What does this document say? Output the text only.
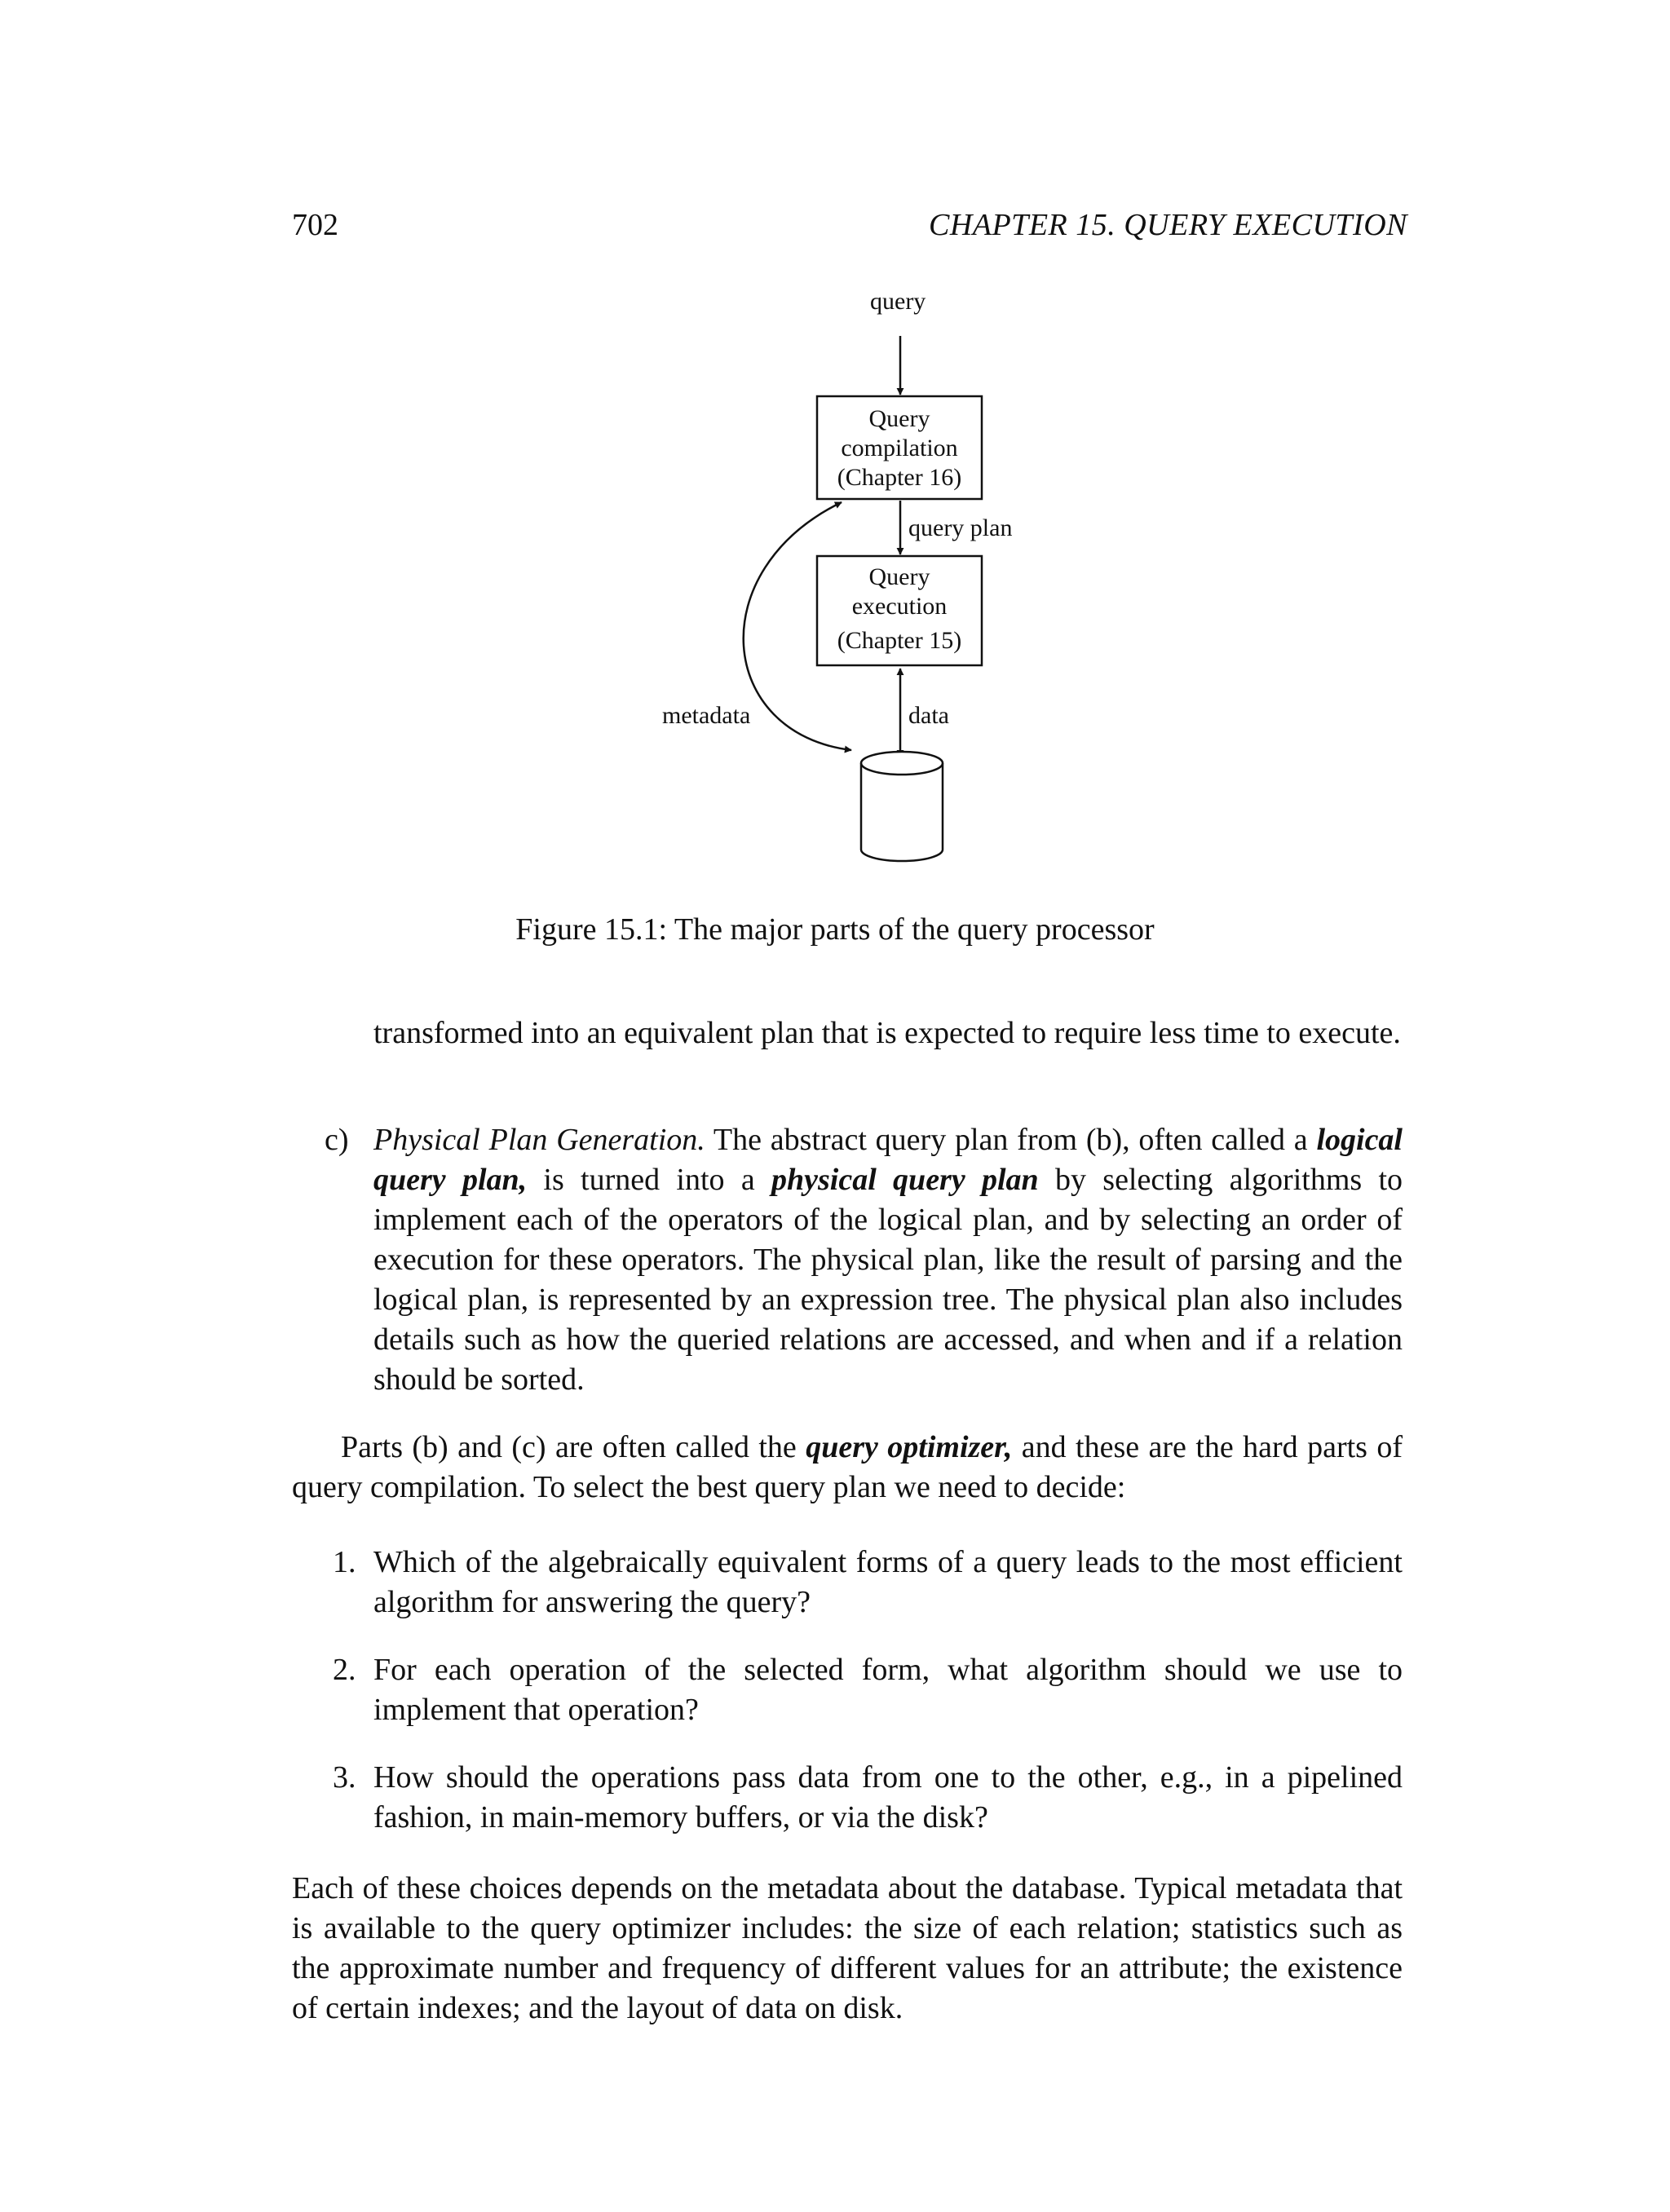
702	CHAPTER 15. QUERY EXECUTION
query
Query
compilation
(Chapter 16)
query plan
Query
execution
(Chapter 15)
metadata	data
Figure 15.1: The major parts of the query processor
transformed into an equivalent plan that is expected to require less time to execute.
c) Physical Plan Generation. The abstract query plan from (b), often called a logical query plan, is turned into a physical query plan by selecting algorithms to implement each of the operators of the logical plan, and by selecting an order of execution for these operators. The physical plan, like the result of parsing and the logical plan, is represented by an expression tree. The physical plan also includes details such as how the queried relations are accessed, and when and if a relation should be sorted.
Parts (b) and (c) are often called the query optimizer, and these are the hard parts of query compilation. To select the best query plan we need to decide:
1. Which of the algebraically equivalent forms of a query leads to the most efficient algorithm for answering the query?
2. For each operation of the selected form, what algorithm should we use to implement that operation?
3. How should the operations pass data from one to the other, e.g., in a pipelined fashion, in main-memory buffers, or via the disk?
Each of these choices depends on the metadata about the database. Typical metadata that is available to the query optimizer includes: the size of each relation; statistics such as the approximate number and frequency of different values for an attribute; the existence of certain indexes; and the layout of data on disk.
